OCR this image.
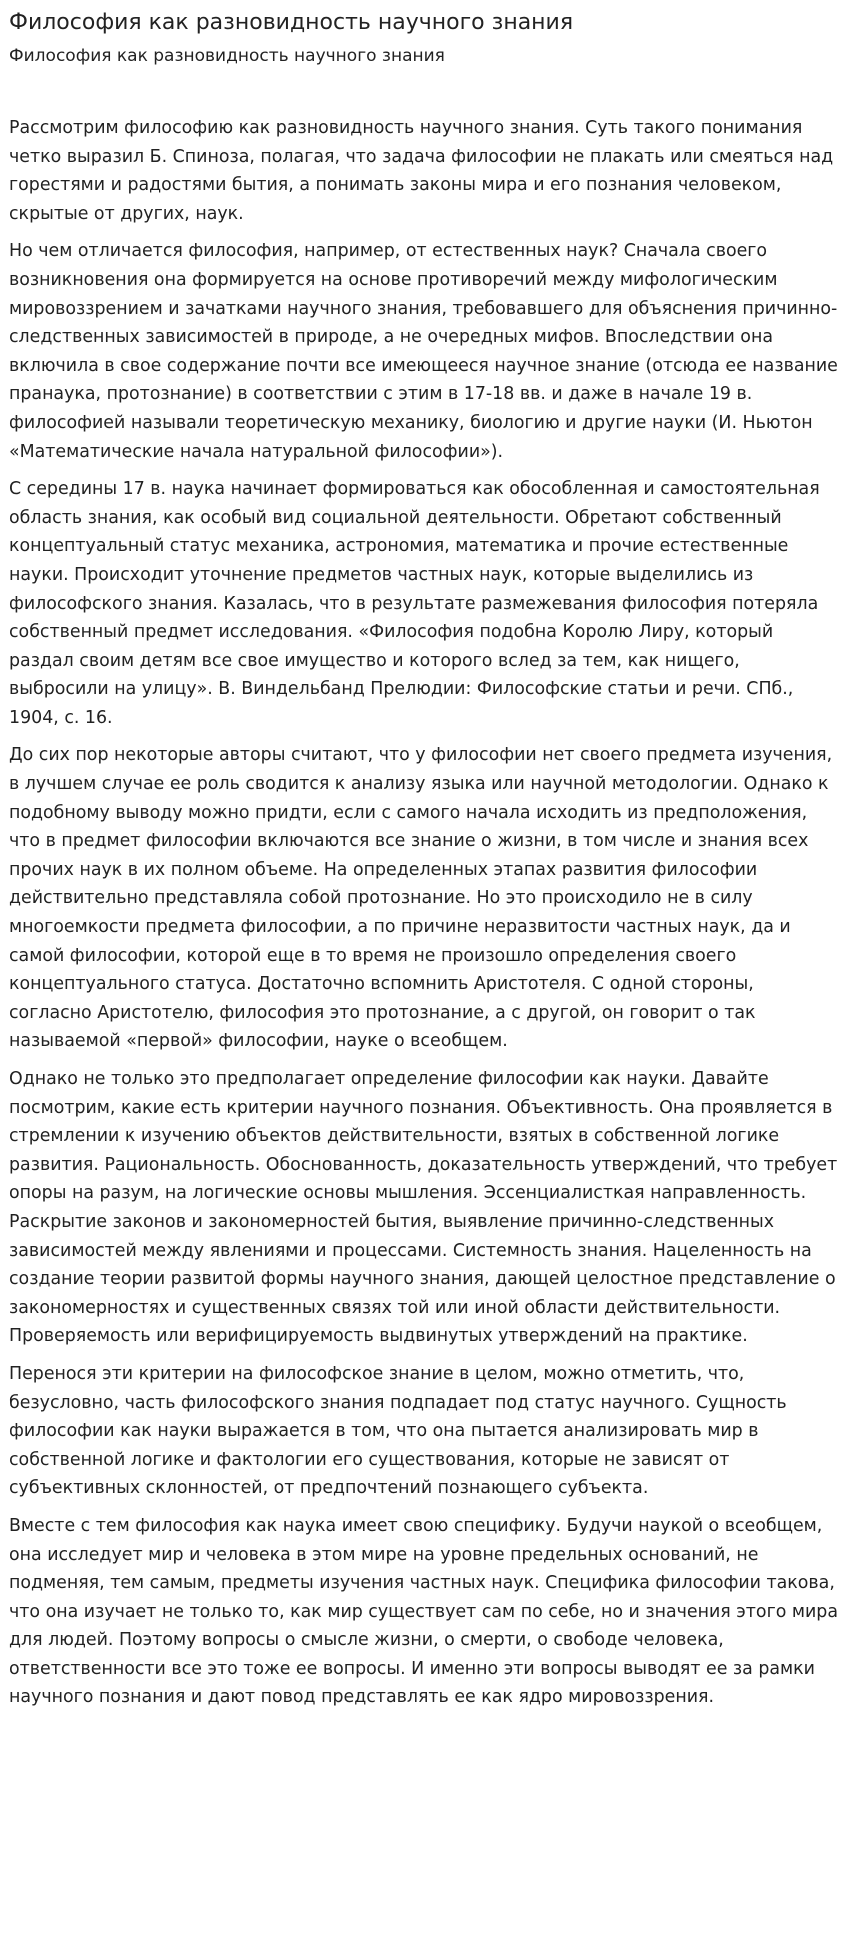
Философия как разновидность научного знания
Философия как разновидность научного знания

Рассмотрим философию как разновидность научного знания. Суть такого понимания четко выразил Б. Спиноза, полагая, что задача философии не плакать или смеяться над горестями и радостями бытия, а понимать законы мира и его познания человеком, скрытые от других, наук.

Но чем отличается философия, например, от естественных наук? Сначала своего возникновения она формируется на основе противоречий между мифологическим мировоззрением и зачатками научного знания, требовавшего для объяснения причинно-следственных зависимостей в природе, а не очередных мифов. Впоследствии она включила в свое содержание почти все имеющееся научное знание (отсюда ее название пранаука, протознание) в соответствии с этим в 17-18 вв. и даже в начале 19 в. философией называли теоретическую механику, биологию и другие науки (И. Ньютон «Математические начала натуральной философии»).

С середины 17 в. наука начинает формироваться как обособленная и самостоятельная область знания, как особый вид социальной деятельности. Обретают собственный концептуальный статус механика, астрономия, математика и прочие естественные науки. Происходит уточнение предметов частных наук, которые выделились из философского знания. Казалась, что в результате размежевания философия потеряла собственный предмет исследования. «Философия подобна Королю Лиру, который раздал своим детям все свое имущество и которого вслед за тем, как нищего, выбросили на улицу». В. Виндельбанд Прелюдии: Философские статьи и речи. СПб., 1904, с. 16.

До сих пор некоторые авторы считают, что у философии нет своего предмета изучения, в лучшем случае ее роль сводится к анализу языка или научной методологии. Однако к подобному выводу можно придти, если с самого начала исходить из предположения, что в предмет философии включаются все знание о жизни, в том числе и знания всех прочих наук в их полном объеме. На определенных этапах развития философии действительно представляла собой протознание. Но это происходило не в силу многоемкости предмета философии, а по причине неразвитости частных наук, да и самой философии, которой еще в то время не произошло определения своего концептуального статуса. Достаточно вспомнить Аристотеля. С одной стороны, согласно Аристотелю, философия это протознание, а с другой, он говорит о так называемой «первой» философии, науке о всеобщем.

Однако не только это предполагает определение философии как науки. Давайте посмотрим, какие есть критерии научного познания. Объективность. Она проявляется в стремлении к изучению объектов действительности, взятых в собственной логике развития. Рациональность. Обоснованность, доказательность утверждений, что требует опоры на разум, на логические основы мышления. Эссенциалисткая направленность. Раскрытие законов и закономерностей бытия, выявление причинно-следственных зависимостей между явлениями и процессами. Системность знания. Нацеленность на создание теории развитой формы научного знания, дающей целостное представление о закономерностях и существенных связях той или иной области действительности. Проверяемость или верифицируемость выдвинутых утверждений на практике.

Перенося эти критерии на философское знание в целом, можно отметить, что, безусловно, часть философского знания подпадает под статус научного. Сущность философии как науки выражается в том, что она пытается анализировать мир в собственной логике и фактологии его существования, которые не зависят от субъективных склонностей, от предпочтений познающего субъекта.

Вместе с тем философия как наука имеет свою специфику. Будучи наукой о всеобщем, она исследует мир и человека в этом мире на уровне предельных оснований, не подменяя, тем самым, предметы изучения частных наук. Специфика философии такова, что она изучает не только то, как мир существует сам по себе, но и значения этого мира для людей. Поэтому вопросы о смысле жизни, о смерти, о свободе человека, ответственности все это тоже ее вопросы. И именно эти вопросы выводят ее за рамки научного познания и дают повод представлять ее как ядро мировоззрения.
